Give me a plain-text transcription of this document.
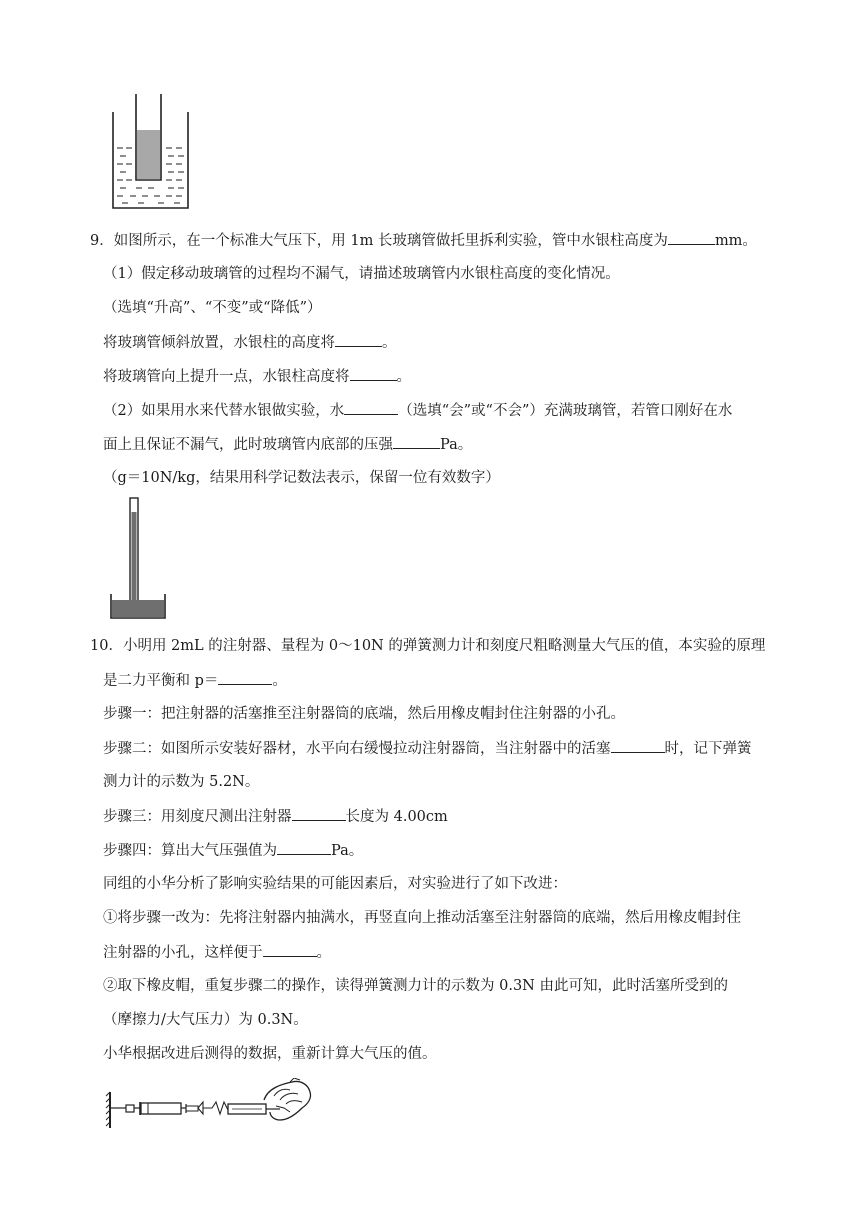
9．如图所示，在一个标准大气压下，用 1m 长玻璃管做托里拆利实验，管中水银柱高度为	mm。
（1）假定移动玻璃管的过程均不漏气，请描述玻璃管内水银柱高度的变化情况。
（选填“升高”、“不变”或“降低”）
将玻璃管倾斜放置，水银柱的高度将	。
将玻璃管向上提升一点，水银柱高度将	。
（2）如果用水来代替水银做实验，水	（选填“会”或“不会”）充满玻璃管，若管口刚好在水
面上且保证不漏气，此时玻璃管内底部的压强	Pa。
（g＝10N/kg，结果用科学记数法表示，保留一位有效数字）
10．小明用 2mL 的注射器、量程为 0～10N 的弹簧测力计和刻度尺粗略测量大气压的值，本实验的原理
是二力平衡和 p＝	。
步骤一：把注射器的活塞推至注射器筒的底端，然后用橡皮帽封住注射器的小孔。
步骤二：如图所示安装好器材，水平向右缓慢拉动注射器筒，当注射器中的活塞	时，记下弹簧
测力计的示数为 5.2N。
步骤三：用刻度尺测出注射器	长度为 4.00cm
步骤四：算出大气压强值为	Pa。
同组的小华分析了影响实验结果的可能因素后，对实验进行了如下改进：
①将步骤一改为：先将注射器内抽满水，再竖直向上推动活塞至注射器筒的底端，然后用橡皮帽封住
注射器的小孔，这样便于	。
②取下橡皮帽，重复步骤二的操作，读得弹簧测力计的示数为 0.3N 由此可知，此时活塞所受到的
（摩擦力/大气压力）为 0.3N。
小华根据改进后测得的数据，重新计算大气压的值。
